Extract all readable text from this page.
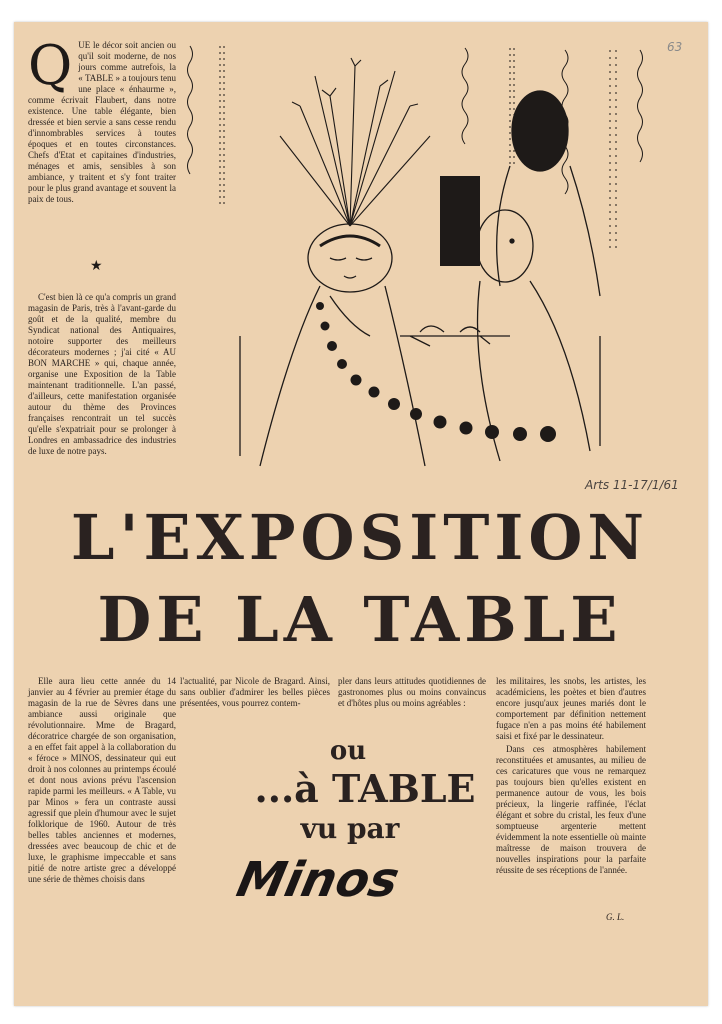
63

Q UE le décor soit ancien ou qu'il soit moderne, de nos jours comme autrefois, la « TABLE » a toujours tenu une place « énhaurme », comme écrivait Flaubert, dans notre existence. Une table élégante, bien dressée et bien servie a sans cesse rendu d'innombrables services à toutes époques et en toutes circonstances. Chefs d'Etat et capitaines d'industries, ménages et amis, sensibles à son ambiance, y traitent et s'y font traiter pour le plus grand avantage et souvent la paix de tous.

★

C'est bien là ce qu'a compris un grand magasin de Paris, très à l'avant-garde du goût et de la qualité, membre du Syndicat national des Antiquaires, notoire supporter des meilleurs décorateurs modernes ; j'ai cité « AU BON MARCHE » qui, chaque année, organise une Exposition de la Table maintenant traditionnelle. L'an passé, d'ailleurs, cette manifestation organisée autour du thème des Provinces françaises rencontrait un tel succès qu'elle s'expatriait pour se prolonger à Londres en ambassadrice des industries de luxe de notre pays.

Arts 11-17/1/61

L'EXPOSITION
DE LA TABLE

Elle aura lieu cette année du 14 janvier au 4 février au premier étage du magasin de la rue de Sèvres dans une ambiance aussi originale que révolutionnaire. Mme de Bragard, décoratrice chargée de son organisation, a en effet fait appel à la collaboration du « féroce » MINOS, dessinateur qui eut droit à nos colonnes au printemps écoulé et dont nous avions prévu l'ascension rapide parmi les meilleurs. « A Table, vu par Minos » fera un contraste aussi agressif que plein d'humour avec le sujet folklorique de 1960. Autour de très belles tables anciennes et modernes, dressées avec beaucoup de chic et de luxe, le graphisme impeccable et sans pitié de notre artiste grec a développé une série de thèmes choisis dans

l'actualité, par Nicole de Bragard. Ainsi, sans oublier d'admirer les belles pièces présentées, vous pourrez contem-

pler dans leurs attitudes quotidiennes de gastronomes plus ou moins convaincus et d'hôtes plus ou moins agréables :

ou

...à TABLE

vu par

Minos

les militaires, les snobs, les artistes, les académiciens, les poètes et bien d'autres encore jusqu'aux jeunes mariés dont le comportement par définition nettement fugace n'en a pas moins été habilement saisi et fixé par le dessinateur.

Dans ces atmosphères habilement reconstituées et amusantes, au milieu de ces caricatures que vous ne remarquez pas toujours bien qu'elles existent en permanence autour de vous, les bois précieux, la lingerie raffinée, l'éclat élégant et sobre du cristal, les feux d'une somptueuse argenterie mettent évidemment la note essentielle où mainte maîtresse de maison trouvera de nouvelles inspirations pour la parfaite réussite de ses réceptions de l'année.

G. L.
